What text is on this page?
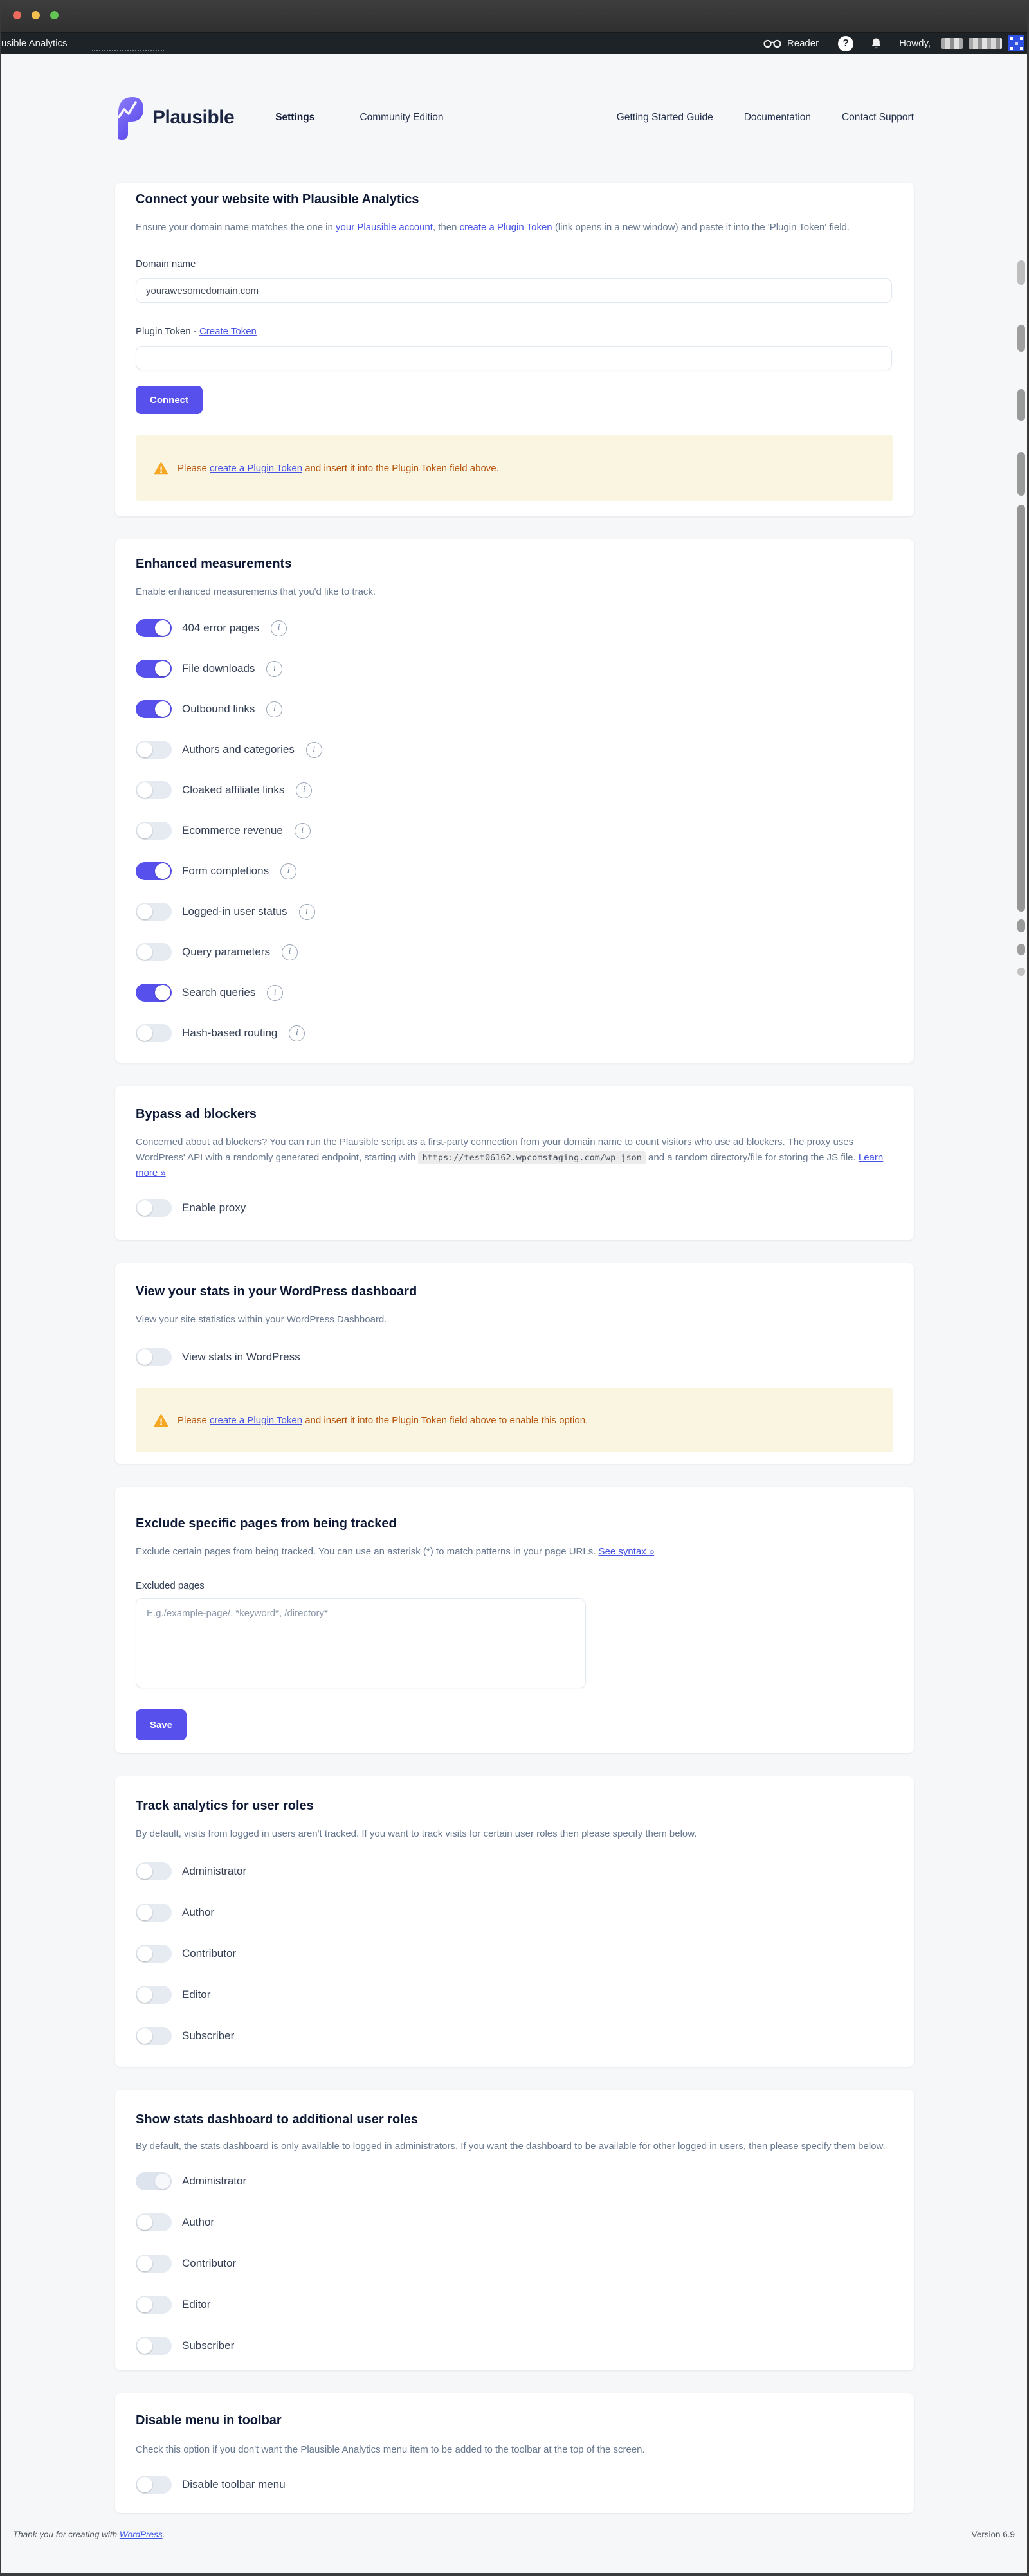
usible Analytics	Reader	?	Howdy,
Plausible	Settings	Community Edition	Getting Started Guide	Documentation	Contact Support
Connect your website with Plausible Analytics
Ensure your domain name matches the one in your Plausible account, then create a Plugin Token (link opens in a new window) and paste it into the 'Plugin Token' field.
Domain name
yourawesomedomain.com
Plugin Token - Create Token
Connect
Please create a Plugin Token and insert it into the Plugin Token field above.
Enhanced measurements
Enable enhanced measurements that you'd like to track.
404 error pages	i
File downloads	i
Outbound links	i
Authors and categories	i
Cloaked affiliate links	i
Ecommerce revenue	i
Form completions	i
Logged-in user status	i
Query parameters	i
Search queries	i
Hash-based routing	i
Bypass ad blockers
Concerned about ad blockers? You can run the Plausible script as a first-party connection from your domain name to count visitors who use ad blockers. The proxy uses WordPress' API with a randomly generated endpoint, starting with https://test06162.wpcomstaging.com/wp-json and a random directory/file for storing the JS file. Learn more »
Enable proxy
View your stats in your WordPress dashboard
View your site statistics within your WordPress Dashboard.
View stats in WordPress
Please create a Plugin Token and insert it into the Plugin Token field above to enable this option.
Exclude specific pages from being tracked
Exclude certain pages from being tracked. You can use an asterisk (*) to match patterns in your page URLs. See syntax »
Excluded pages
E.g./example-page/, *keyword*, /directory*
Save
Track analytics for user roles
By default, visits from logged in users aren't tracked. If you want to track visits for certain user roles then please specify them below.
Administrator
Author
Contributor
Editor
Subscriber
Show stats dashboard to additional user roles
By default, the stats dashboard is only available to logged in administrators. If you want the dashboard to be available for other logged in users, then please specify them below.
Administrator
Author
Contributor
Editor
Subscriber
Disable menu in toolbar
Check this option if you don't want the Plausible Analytics menu item to be added to the toolbar at the top of the screen.
Disable toolbar menu
Thank you for creating with WordPress.	Version 6.9
